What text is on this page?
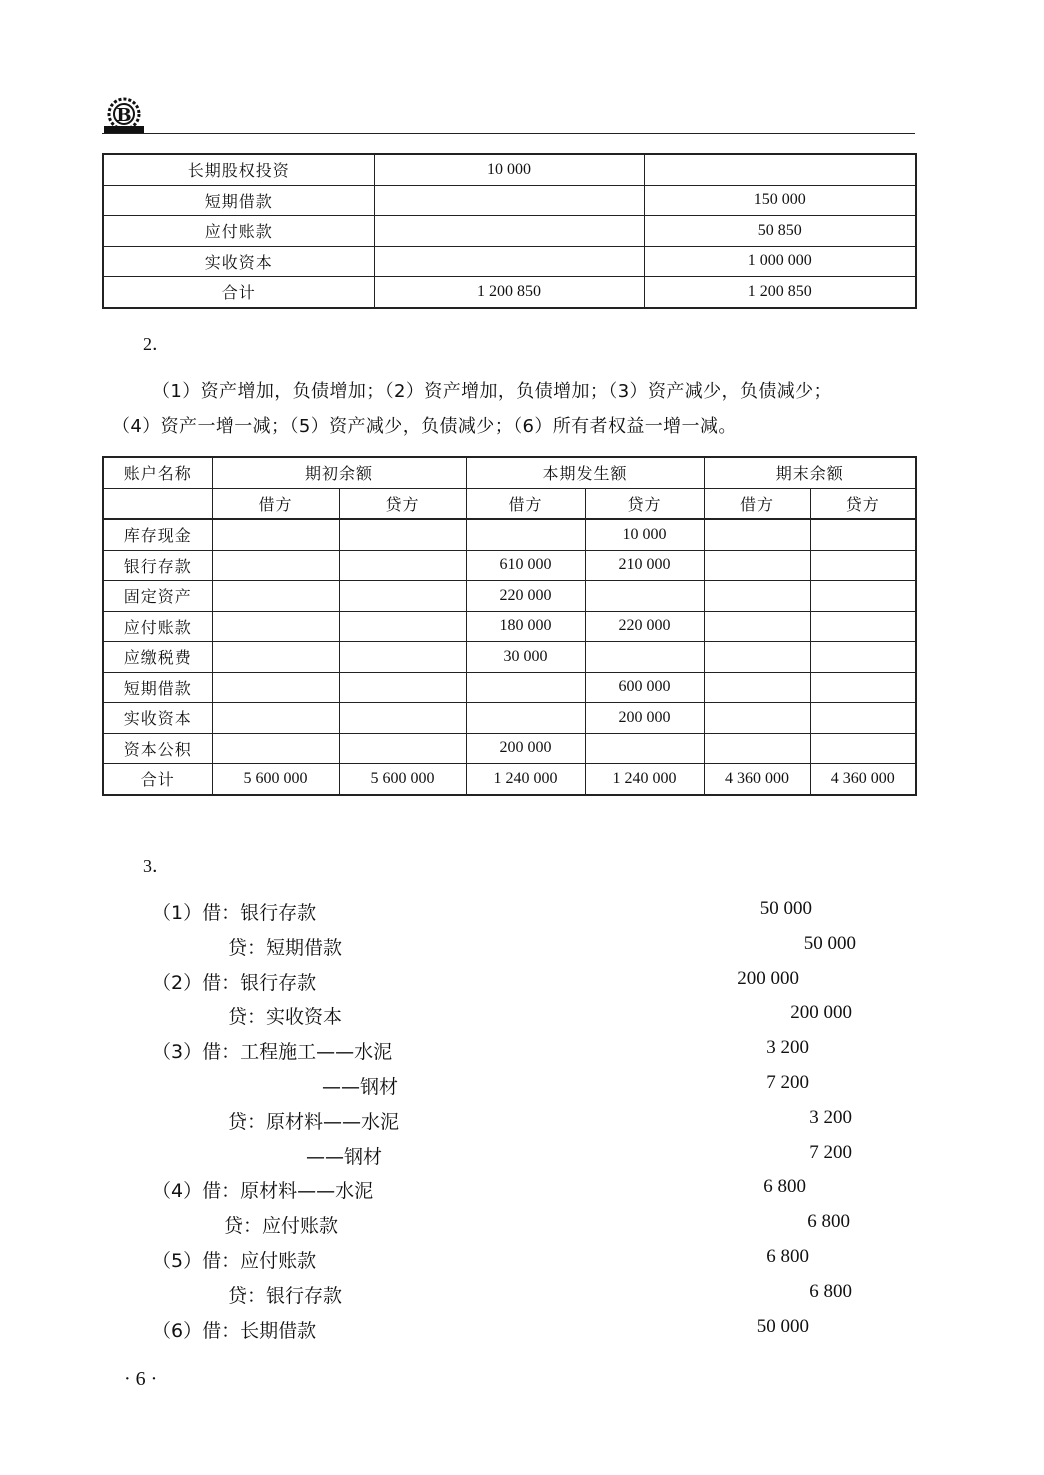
B
长期股权投资	10 000	
短期借款		150 000
应付账款		50 850
实收资本		1 000 000
合计	1 200 850	1 200 850
2．
（1）资产增加，负债增加；（2）资产增加，负债增加；（3）资产减少，负债减少；
（4）资产一增一减；（5）资产减少，负债减少；（6）所有者权益一增一减。
账户名称	期初余额		本期发生额		期末余额	
	借方	贷方	借方	贷方	借方	贷方
库存现金				10 000		
银行存款			610 000	210 000		
固定资产			220 000			
应付账款			180 000	220 000		
应缴税费			30 000			
短期借款				600 000		
实收资本				200 000		
资本公积			200 000			
合计	5 600 000	5 600 000	1 240 000	1 240 000	4 360 000	4 360 000
3．
（1）借：银行存款	50 000
贷：短期借款	50 000
（2）借：银行存款	200 000
贷：实收资本	200 000
（3）借：工程施工——水泥	3 200
——钢材	7 200
贷：原材料——水泥	3 200
——钢材	7 200
（4）借：原材料——水泥	6 800
贷：应付账款	6 800
（5）借：应付账款	6 800
贷：银行存款	6 800
（6）借：长期借款	50 000
· 6 ·
